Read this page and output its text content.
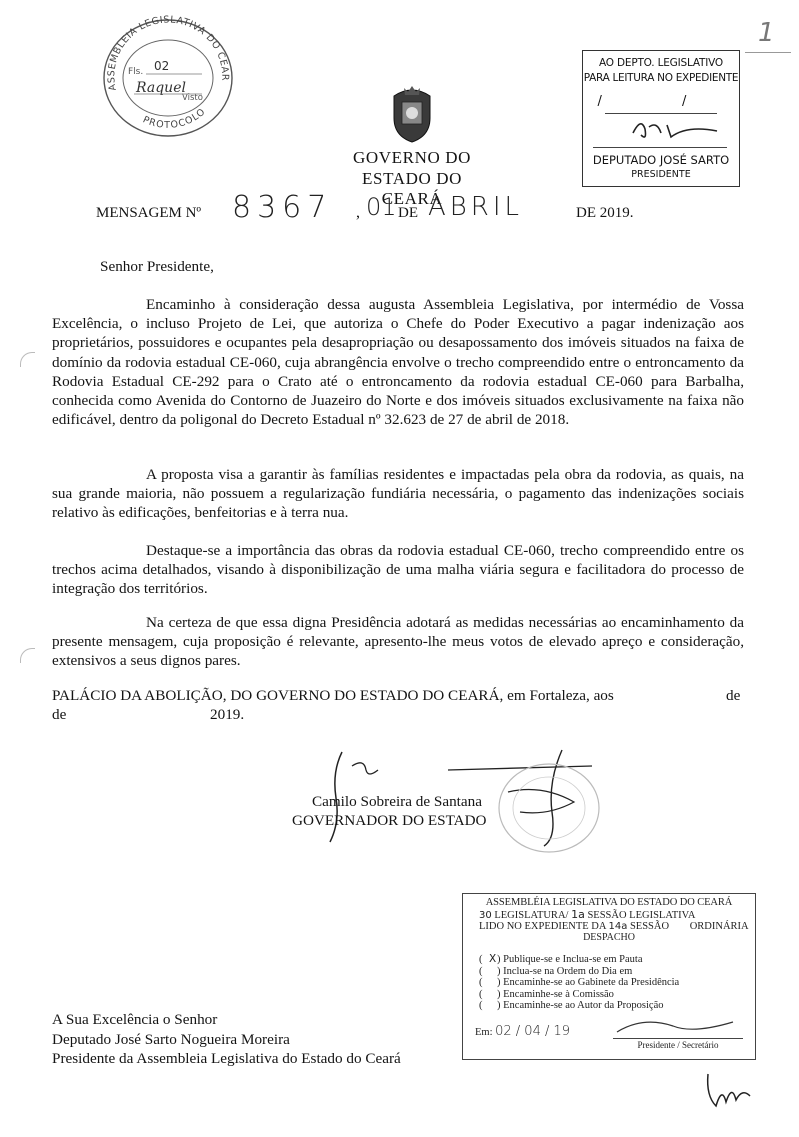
ASSEMBLEIA LEGISLATIVA DO CEAR
PROTOCOLO
Fls. 02
Raquel
Visto
1
GOVERNO DO
ESTADO DO CEARÁ
AO DEPTO. LEGISLATIVO
PARA LEITURA NO EXPEDIENTE
/ /
DEPUTADO JOSÉ SARTO
PRESIDENTE
MENSAGEM Nº 8367 , 01 DE ABRIL	DE 2019.
Senhor Presidente,

Encaminho à consideração dessa augusta Assembleia Legislativa, por intermédio de Vossa Excelência, o incluso Projeto de Lei, que autoriza o Chefe do Poder Executivo a pagar indenização aos proprietários, possuidores e ocupantes pela desapropriação ou desapossamento dos imóveis situados na faixa de domínio da rodovia estadual CE-060, cuja abrangência envolve o trecho compreendido entre o entroncamento da Rodovia Estadual CE-292 para o Crato até o entroncamento da rodovia estadual CE-060 para Barbalha, conhecida como Avenida do Contorno de Juazeiro do Norte e dos imóveis situados exclusivamente na faixa não edificável, dentro da poligonal do Decreto Estadual nº 32.623 de 27 de abril de 2018.

A proposta visa a garantir às famílias residentes e impactadas pela obra da rodovia, as quais, na sua grande maioria, não possuem a regularização fundiária necessária, o pagamento das indenizações sociais relativo às edificações, benfeitorias e à terra nua.

Destaque-se a importância das obras da rodovia estadual CE-060, trecho compreendido entre os trechos acima detalhados, visando à disponibilização de uma malha viária segura e facilitadora do processo de integração dos territórios.

Na certeza de que essa digna Presidência adotará as medidas necessárias ao encaminhamento da presente mensagem, cuja proposição é relevante, apresento-lhe meus votos de elevado apreço e consideração, extensivos a seus dignos pares.

PALÁCIO DA ABOLIÇÃO, DO GOVERNO DO ESTADO DO CEARÁ, em Fortaleza, aos	de
de	2019.
Camilo Sobreira de Santana
GOVERNADOR DO ESTADO
ASSEMBLÉIA LEGISLATIVA DO ESTADO DO CEARÁ
30 LEGISLATURA/ 1a SESSÃO LEGISLATIVA
LIDO NO EXPEDIENTE DA 14a SESSÃO ORDINÁRIA
DESPACHO
( X) Publique-se e Inclua-se em Pauta
( ) Inclua-se na Ordem do Dia em
( ) Encaminhe-se ao Gabinete da Presidência
( ) Encaminhe-se à Comissão
( ) Encaminhe-se ao Autor da Proposição
Em: 02 / 04 / 19
Presidente / Secretário
A Sua Excelência o Senhor
Deputado José Sarto Nogueira Moreira
Presidente da Assembleia Legislativa do Estado do Ceará
